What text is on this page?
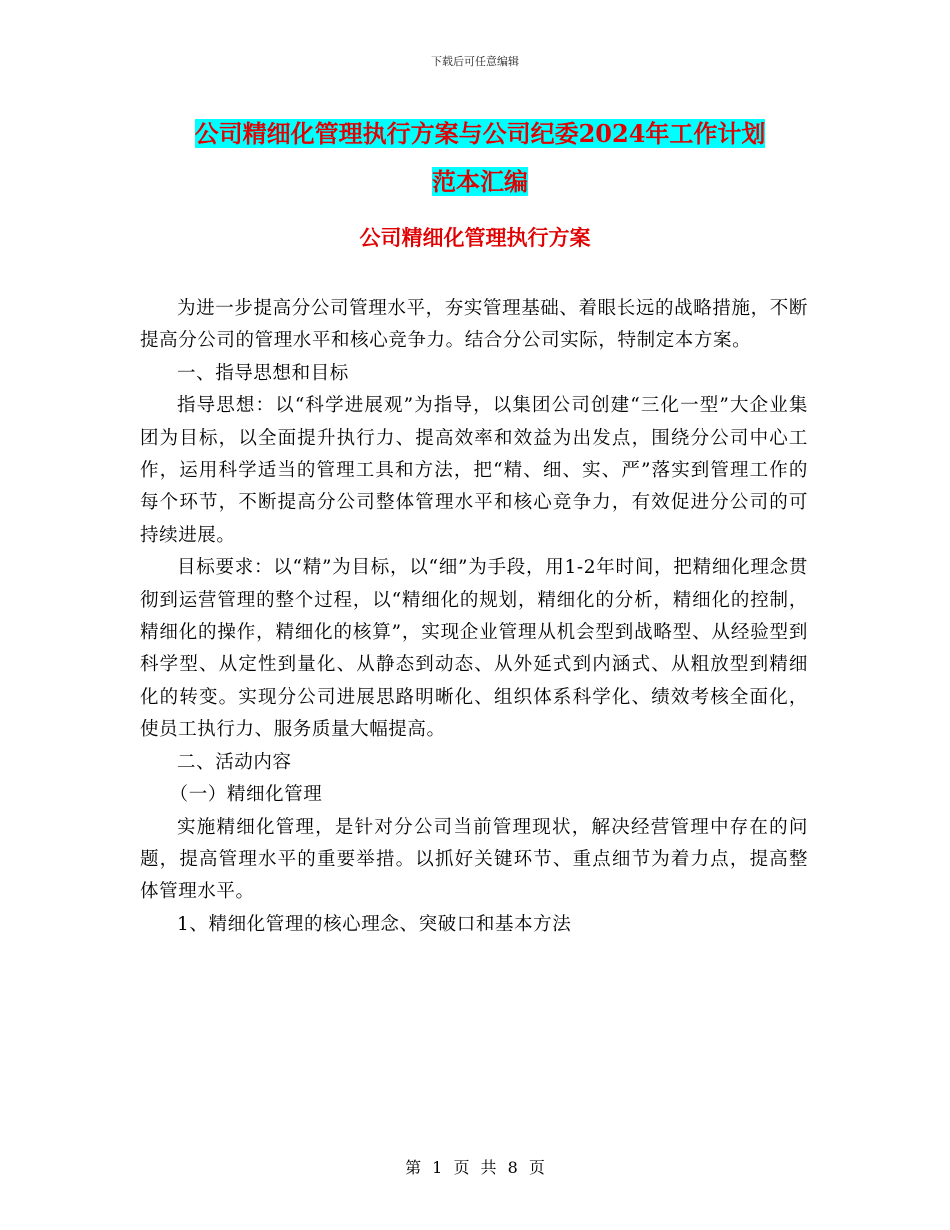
下载后可任意编辑
公司精细化管理执行方案与公司纪委2024年工作计划
范本汇编
公司精细化管理执行方案

为进一步提高分公司管理水平，夯实管理基础、着眼长远的战略措施，不断提高分公司的管理水平和核心竞争力。结合分公司实际，特制定本方案。

一、指导思想和目标

指导思想：以“科学进展观”为指导，以集团公司创建“三化一型”大企业集团为目标，以全面提升执行力、提高效率和效益为出发点，围绕分公司中心工作，运用科学适当的管理工具和方法，把“精、细、实、严”落实到管理工作的每个环节，不断提高分公司整体管理水平和核心竞争力，有效促进分公司的可持续进展。

目标要求：以“精”为目标，以“细”为手段，用1-2年时间，把精细化理念贯彻到运营管理的整个过程，以“精细化的规划，精细化的分析，精细化的控制，精细化的操作，精细化的核算”，实现企业管理从机会型到战略型、从经验型到科学型、从定性到量化、从静态到动态、从外延式到内涵式、从粗放型到精细化的转变。实现分公司进展思路明晰化、组织体系科学化、绩效考核全面化，使员工执行力、服务质量大幅提高。

二、活动内容

（一）精细化管理

实施精细化管理，是针对分公司当前管理现状，解决经营管理中存在的问题，提高管理水平的重要举措。以抓好关键环节、重点细节为着力点，提高整体管理水平。

1、精细化管理的核心理念、突破口和基本方法

第 1 页 共 8 页
